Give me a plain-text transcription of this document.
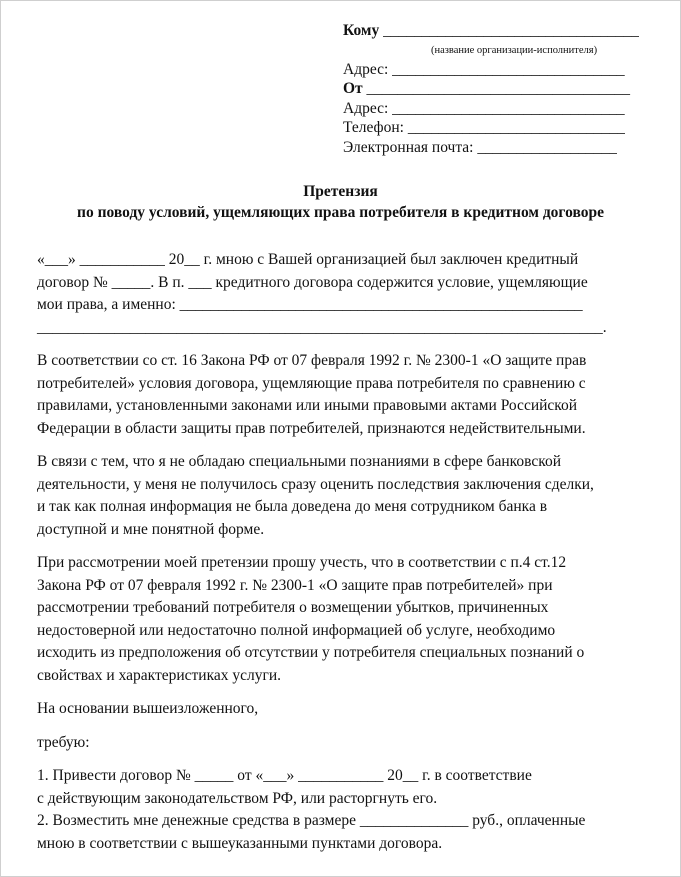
Кому _________________________________
(название организации-исполнителя)
Адрес: ______________________________
От __________________________________
Адрес: ______________________________
Телефон: ____________________________
Электронная почта: __________________
Претензия
по поводу условий, ущемляющих права потребителя в кредитном договоре
«___» ___________ 20__ г. мною с Вашей организацией был заключен кредитный
договор № _____. В п. ___ кредитного договора содержится условие, ущемляющие
мои права, а именно: ____________________________________________________
_________________________________________________________________________.
В соответствии со ст. 16 Закона РФ от 07 февраля 1992 г. № 2300-1 «О защите прав
потребителей» условия договора, ущемляющие права потребителя по сравнению с
правилами, установленными законами или иными правовыми актами Российской
Федерации в области защиты прав потребителей, признаются недействительными.
В связи с тем, что я не обладаю специальными познаниями в сфере банковской
деятельности, у меня не получилось сразу оценить последствия заключения сделки,
и так как полная информация не была доведена до меня сотрудником банка в
доступной и мне понятной форме.
При рассмотрении моей претензии прошу учесть, что в соответствии с п.4 ст.12
Закона РФ от 07 февраля 1992 г. № 2300-1 «О защите прав потребителей» при
рассмотрении требований потребителя о возмещении убытков, причиненных
недостоверной или недостаточно полной информацией об услуге, необходимо
исходить из предположения об отсутствии у потребителя специальных познаний о
свойствах и характеристиках услуги.
На основании вышеизложенного,
требую:
1. Привести договор № _____ от «___» ___________ 20__ г. в соответствие
с действующим законодательством РФ, или расторгнуть его.
2. Возместить мне денежные средства в размере ______________ руб., оплаченные
мною в соответствии с вышеуказанными пунктами договора.
